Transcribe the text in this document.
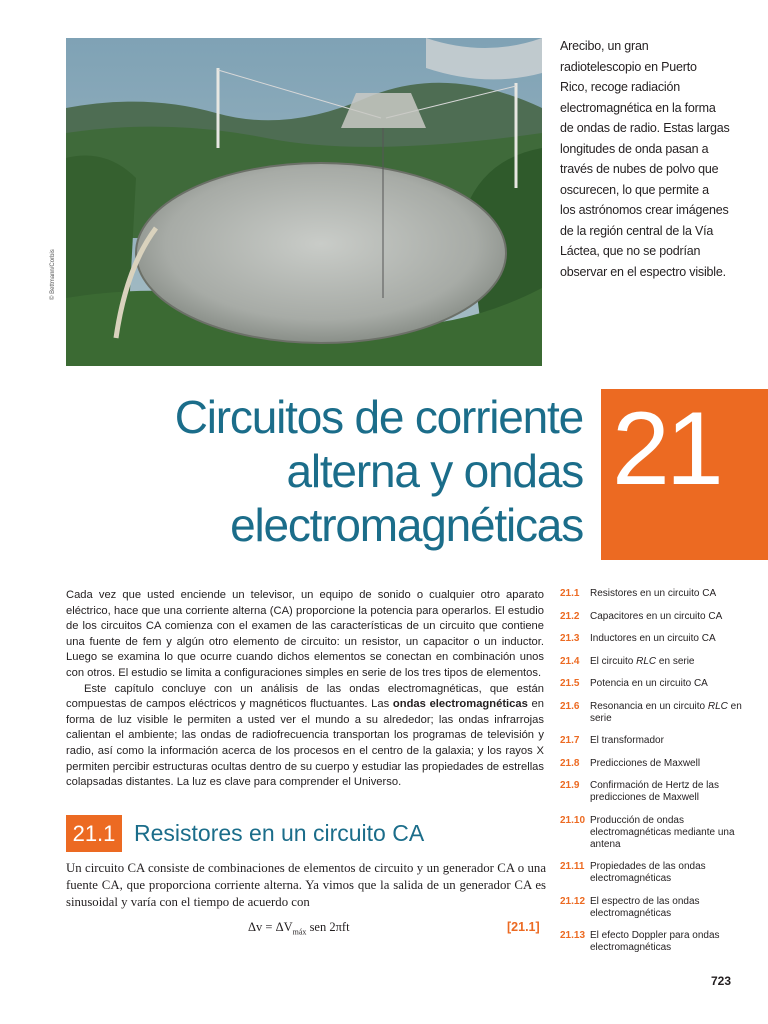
© Bettmann/Corbis
Arecibo, un gran
radiotelescopio en Puerto
Rico, recoge radiación
electromagnética en la forma
de ondas de radio. Estas largas
longitudes de onda pasan a
través de nubes de polvo que
oscurecen, lo que permite a
los astrónomos crear imágenes
de la región central de la Vía
Láctea, que no se podrían
observar en el espectro visible.
Circuitos de corriente
alterna y ondas
electromagnéticas
21

Cada vez que usted enciende un televisor, un equipo de sonido o cualquier otro aparato eléctrico, hace que una corriente alterna (CA) proporcione la potencia para operarlos. El estudio de los circuitos CA comienza con el examen de las características de un circuito que contiene una fuente de fem y algún otro elemento de circuito: un resistor, un capacitor o un inductor. Luego se examina lo que ocurre cuando dichos elementos se conectan en combinación unos con otros. El estudio se limita a configuraciones simples en serie de los tres tipos de elementos.

Este capítulo concluye con un análisis de las ondas electromagnéticas, que están compuestas de campos eléctricos y magnéticos fluctuantes. Las ondas electromagnéticas en forma de luz visible le permiten a usted ver el mundo a su alrededor; las ondas infrarrojas calientan el ambiente; las ondas de radiofrecuencia transportan los programas de televisión y radio, así como la información acerca de los procesos en el centro de la galaxia; y los rayos X permiten percibir estructuras ocultas dentro de su cuerpo y estudiar las propiedades de estrellas colapsadas distantes. La luz es clave para comprender el Universo.

21.1	Resistores en un circuito CA
21.2	Capacitores en un circuito CA
21.3	Inductores en un circuito CA
21.4	El circuito RLC en serie
21.5	Potencia en un circuito CA
21.6	Resonancia en un circuito RLC en serie
21.7	El transformador
21.8	Predicciones de Maxwell
21.9	Confirmación de Hertz de las predicciones de Maxwell
21.10 Producción de ondas electromagnéticas mediante una antena
21.11 Propiedades de las ondas electromagnéticas
21.12 El espectro de las ondas electromagnéticas
21.13 El efecto Doppler para ondas electromagnéticas
21.1 Resistores en un circuito CA
Un circuito CA consiste de combinaciones de elementos de circuito y un generador CA o una fuente CA, que proporciona corriente alterna. Ya vimos que la salida de un generador CA es sinusoidal y varía con el tiempo de acuerdo con
$\Delta v = \Delta V_{máx}$ sen 2πft	[21.1]
723
